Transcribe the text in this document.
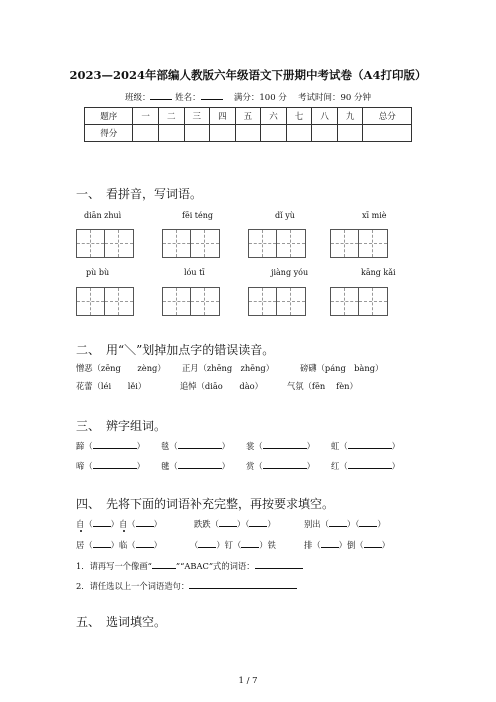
2023—2024年部编人教版六年级语文下册期中考试卷（A4打印版）
班级：	姓名：　	满分：100 分　 考试时间：90 分钟
题序	一	二	三	四	五	六	七	八	九	总分
得分										
一、　看拼音，写词语。
diān zhuì	fēi téng	dǐ yù	xī miè
pù bù	lóu tī	jiàng yóu	kāng kǎi
二、　用“＼”划掉加点字的错误读音。
憎恶（zēng　　zèng） 正月（zhēng　zhēng）	磅礴（páng　bàng）
花蕾（léi　　lěi）	追悼（diāo　　dào）	气氛（fēn　 fèn）
三、　辨字组词。
蹄（	） 毯（	） 裳（	） 虹（	）
啼（	） 毽（	） 赏（	） 红（	）
四、　先将下面的词语补充完整，再按要求填空。
自（ ）自（ ）	跌跌（ ）（ ）	别出（ ）（ ）
居（ ）临（ ）	（ ）钉（ ）铁	排（ ）倒（ ）
1．请再写一个像画“	”“ABAC”式的词语：
2．请任选以上一个词语造句：
五、　选词填空。
1 / 7
